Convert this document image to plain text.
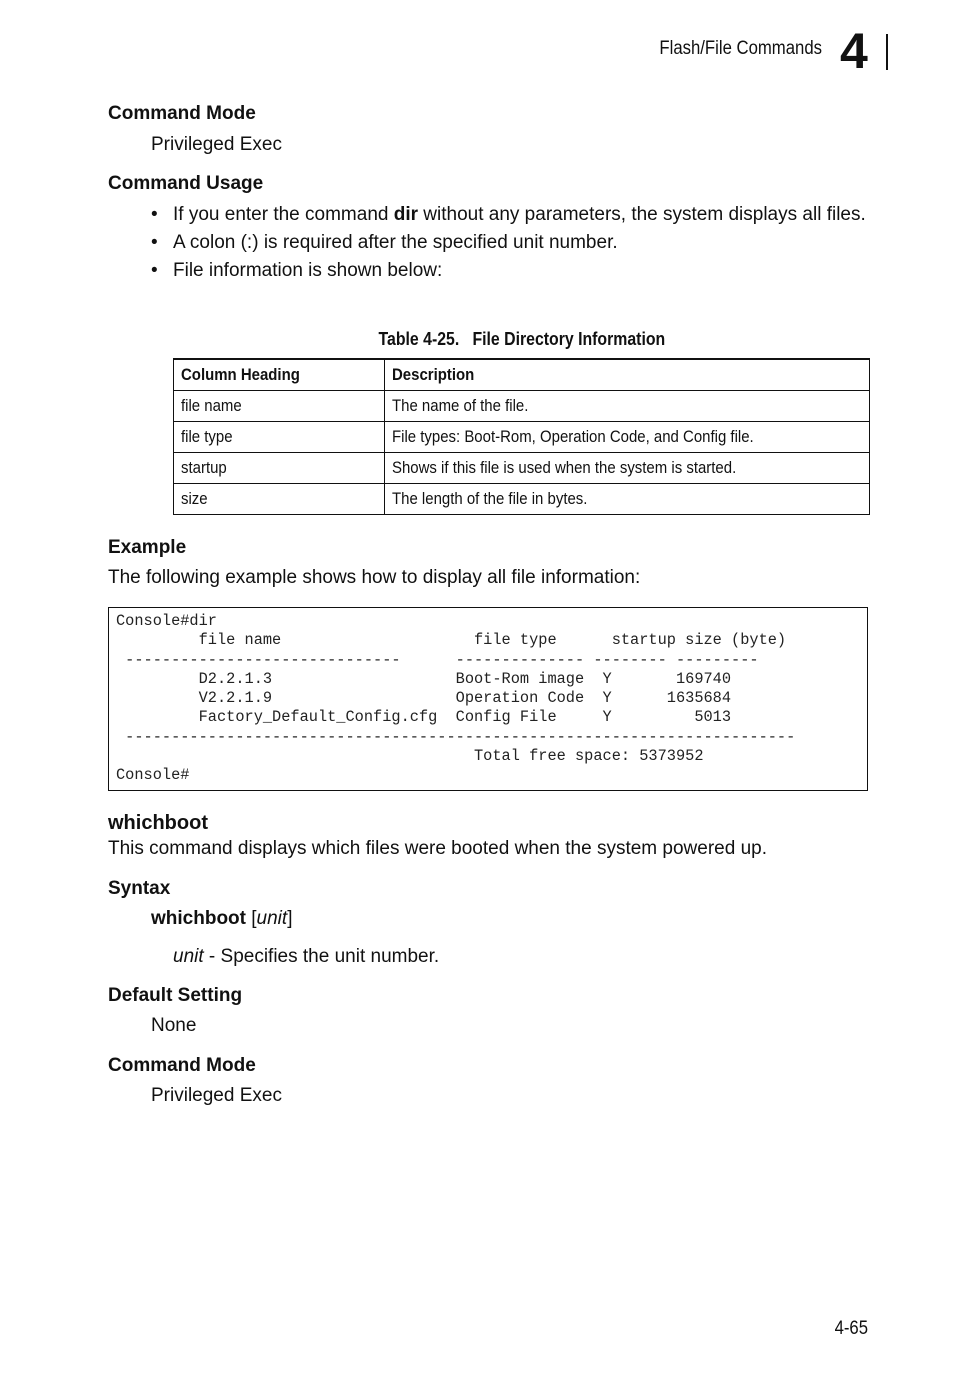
Flash/File Commands 4
Command Mode
Privileged Exec
Command Usage
• If you enter the command dir without any parameters, the system displays all files.
• A colon (:) is required after the specified unit number.
• File information is shown below:
Table 4-25.   File Directory Information
Column Heading	Description
file name	The name of the file.
file type	File types: Boot-Rom, Operation Code, and Config file.
startup	Shows if this file is used when the system is started.
size	The length of the file in bytes.
Example
The following example shows how to display all file information:
Console#dir
file name                     file type      startup size (byte)
------------------------------      -------------- -------- ---------
D2.2.1.3                    Boot-Rom image  Y       169740
V2.2.1.9                    Operation Code  Y      1635684
Factory_Default_Config.cfg  Config File     Y         5013
-------------------------------------------------------------------------
Total free space: 5373952
Console#
whichboot
This command displays which files were booted when the system powered up.
Syntax
whichboot [unit]
unit - Specifies the unit number.
Default Setting
None
Command Mode
Privileged Exec
4-65
